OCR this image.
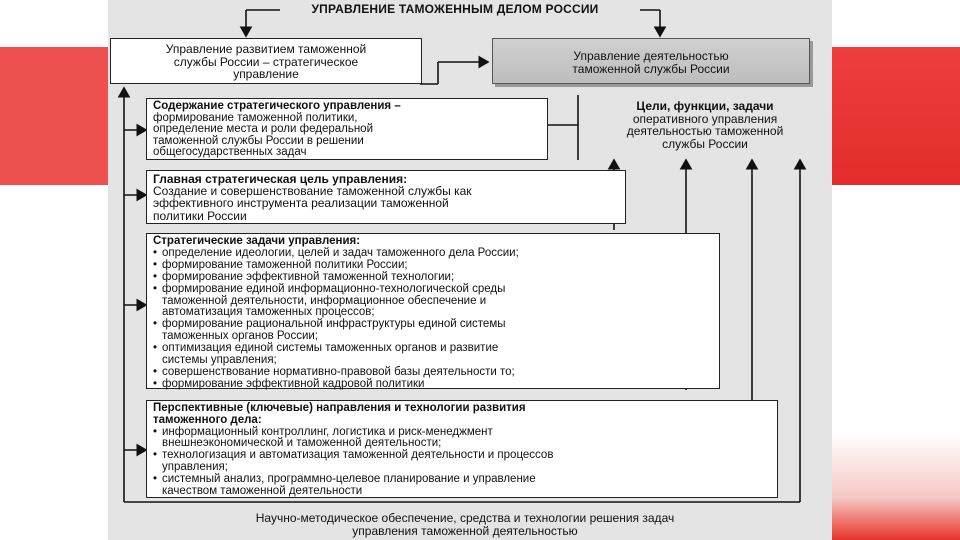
УПРАВЛЕНИЕ ТАМОЖЕННЫМ ДЕЛОМ РОССИИ
Управление развитием таможенной
службы России – стратегическое
управление
Управление деятельностью
таможенной службы России
Содержание стратегического управления –
формирование таможенной политики,
определение места и роли федеральной
таможенной службы России в решении
общегосударственных задач
Цели, функции, задачи
оперативного управления
деятельностью таможенной
службы России
Главная стратегическая цель управления:
Создание и совершенствование таможенной службы как
эффективного инструмента реализации таможенной
политики России
Стратегические задачи управления:
• определение идеологии, целей и задач таможенного дела России;
• формирование таможенной политики России;
• формирование эффективной таможенной технологии;
• формирование единой информационно-технологической среды
таможенной деятельности, информационное обеспечение и
автоматизация таможенных процессов;
• формирование рациональной инфраструктуры единой системы
таможенных органов России;
• оптимизация единой системы таможенных органов и развитие
системы управления;
• совершенствование нормативно-правовой базы деятельности то;
• формирование эффективной кадровой политики
Перспективные (ключевые) направления и технологии развития
таможенного дела:
• информационный контроллинг, логистика и риск-менеджмент
внешнеэкономической и таможенной деятельности;
• технологизация и автоматизация таможенной деятельности и процессов
управления;
• системный анализ, программно-целевое планирование и управление
качеством таможенной деятельности
Научно-методическое обеспечение, средства и технологии решения задач
управления таможенной деятельностью
